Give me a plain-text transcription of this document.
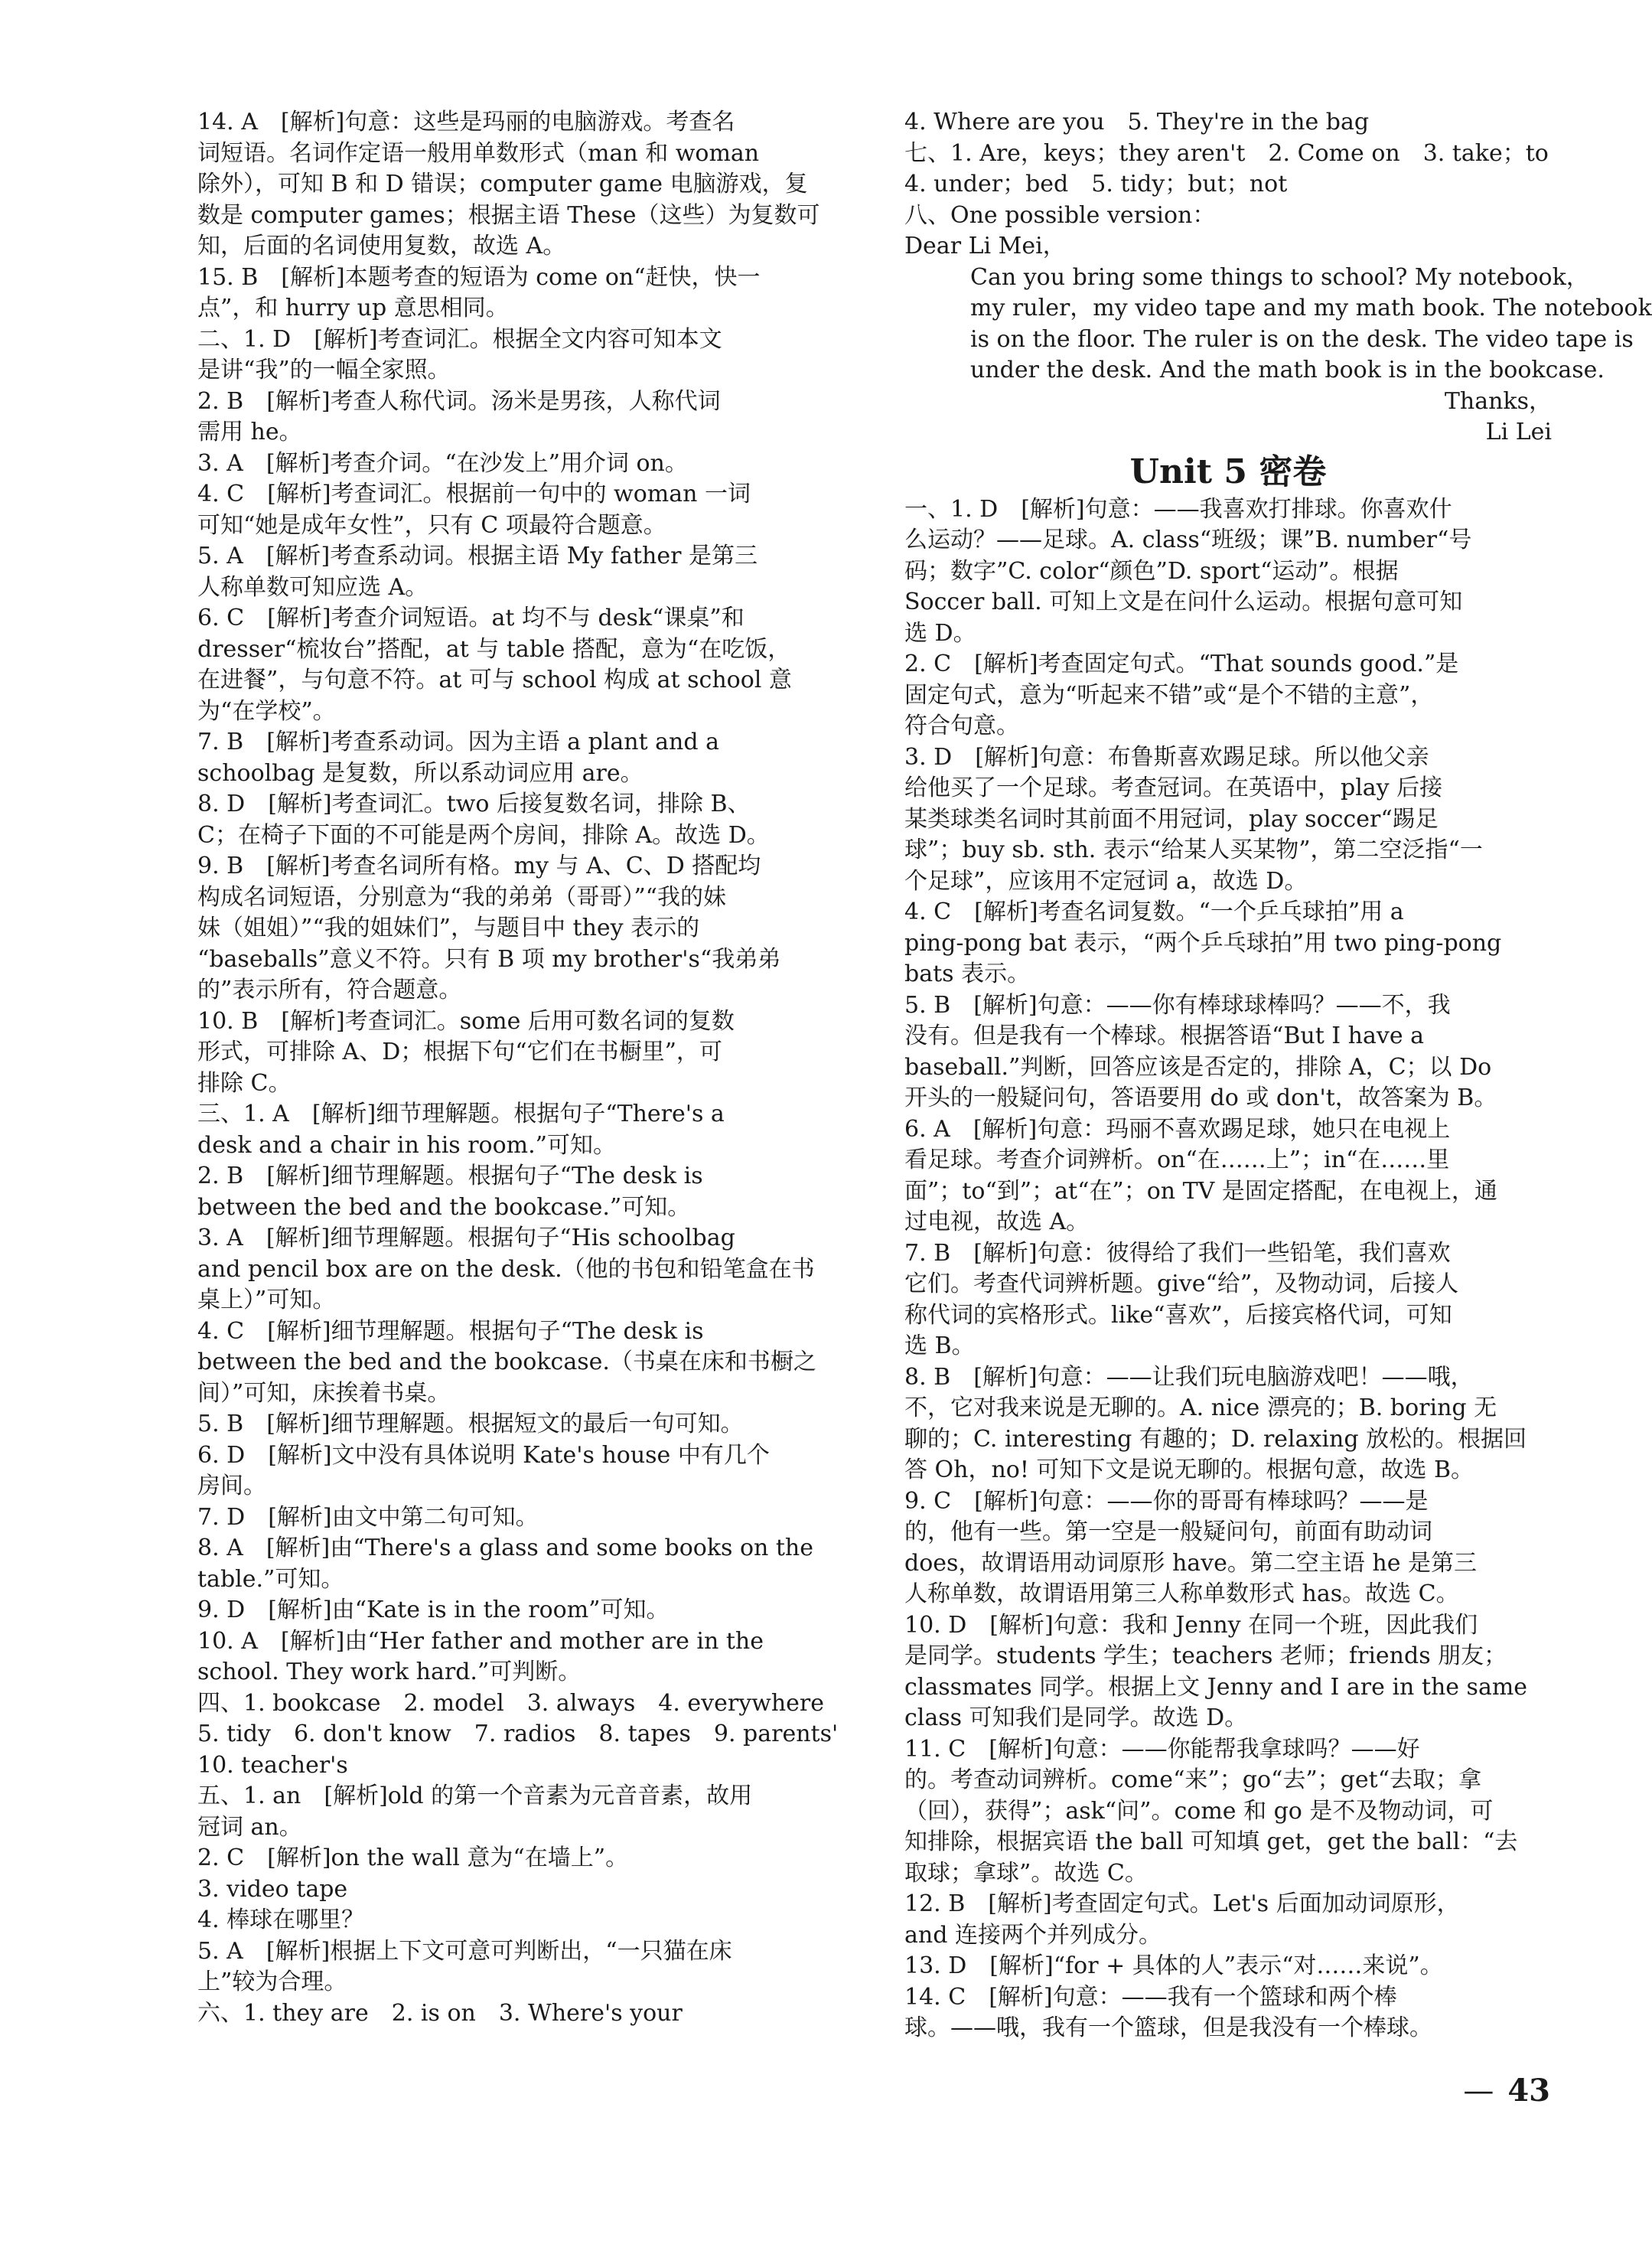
14. A　[解析]句意：这些是玛丽的电脑游戏。考查名
词短语。名词作定语一般用单数形式（man 和 woman
除外），可知 B 和 D 错误；computer game 电脑游戏，复
数是 computer games；根据主语 These（这些）为复数可
知，后面的名词使用复数，故选 A。
15. B　[解析]本题考查的短语为 come on“赶快，快一
点”，和 hurry up 意思相同。
二、1. D　[解析]考查词汇。根据全文内容可知本文
是讲“我”的一幅全家照。
2. B　[解析]考查人称代词。汤米是男孩，人称代词
需用 he。
3. A　[解析]考查介词。“在沙发上”用介词 on。
4. C　[解析]考查词汇。根据前一句中的 woman 一词
可知“她是成年女性”，只有 C 项最符合题意。
5. A　[解析]考查系动词。根据主语 My father 是第三
人称单数可知应选 A。
6. C　[解析]考查介词短语。at 均不与 desk“课桌”和
dresser“梳妆台”搭配，at 与 table 搭配，意为“在吃饭，
在进餐”，与句意不符。at 可与 school 构成 at school 意
为“在学校”。
7. B　[解析]考查系动词。因为主语 a plant and a
schoolbag 是复数，所以系动词应用 are。
8. D　[解析]考查词汇。two 后接复数名词，排除 B、
C；在椅子下面的不可能是两个房间，排除 A。故选 D。
9. B　[解析]考查名词所有格。my 与 A、C、D 搭配均
构成名词短语，分别意为“我的弟弟（哥哥）”“我的妹
妹（姐姐）”“我的姐妹们”，与题目中 they 表示的
“baseballs”意义不符。只有 B 项 my brother's“我弟弟
的”表示所有，符合题意。
10. B　[解析]考查词汇。some 后用可数名词的复数
形式，可排除 A、D；根据下句“它们在书橱里”，可
排除 C。
三、1. A　[解析]细节理解题。根据句子“There's a
desk and a chair in his room.”可知。
2. B　[解析]细节理解题。根据句子“The desk is
between the bed and the bookcase.”可知。
3. A　[解析]细节理解题。根据句子“His schoolbag
and pencil box are on the desk.（他的书包和铅笔盒在书
桌上）”可知。
4. C　[解析]细节理解题。根据句子“The desk is
between the bed and the bookcase.（书桌在床和书橱之
间）”可知，床挨着书桌。
5. B　[解析]细节理解题。根据短文的最后一句可知。
6. D　[解析]文中没有具体说明 Kate's house 中有几个
房间。
7. D　[解析]由文中第二句可知。
8. A　[解析]由“There's a glass and some books on the
table.”可知。
9. D　[解析]由“Kate is in the room”可知。
10. A　[解析]由“Her father and mother are in the
school. They work hard.”可判断。
四、1. bookcase　2. model　3. always　4. everywhere
5. tidy　6. don't know　7. radios　8. tapes　9. parents'
10. teacher's
五、1. an　[解析]old 的第一个音素为元音音素，故用
冠词 an。
2. C　[解析]on the wall 意为“在墙上”。
3. video tape
4. 棒球在哪里？
5. A　[解析]根据上下文可意可判断出，“一只猫在床
上”较为合理。
六、1. they are　2. is on　3. Where's your
4. Where are you　5. They're in the bag
七、1. Are，keys；they aren't　2. Come on　3. take；to
4. under；bed　5. tidy；but；not
八、One possible version：
Dear Li Mei，
Can you bring some things to school? My notebook，
my ruler，my video tape and my math book. The notebook
is on the floor. The ruler is on the desk. The video tape is
under the desk. And the math book is in the bookcase.
Thanks，
Li Lei
Unit 5 密卷
一、1. D　[解析]句意：——我喜欢打排球。你喜欢什
么运动？——足球。A. class“班级；课”B. number“号
码；数字”C. color“颜色”D. sport“运动”。根据
Soccer ball. 可知上文是在问什么运动。根据句意可知
选 D。
2. C　[解析]考查固定句式。“That sounds good.”是
固定句式，意为“听起来不错”或“是个不错的主意”，
符合句意。
3. D　[解析]句意：布鲁斯喜欢踢足球。所以他父亲
给他买了一个足球。考查冠词。在英语中，play 后接
某类球类名词时其前面不用冠词，play soccer“踢足
球”；buy sb. sth. 表示“给某人买某物”，第二空泛指“一
个足球”，应该用不定冠词 a，故选 D。
4. C　[解析]考查名词复数。“一个乒乓球拍”用 a
ping-pong bat 表示，“两个乒乓球拍”用 two ping-pong
bats 表示。
5. B　[解析]句意：——你有棒球球棒吗？——不，我
没有。但是我有一个棒球。根据答语“But I have a
baseball.”判断，回答应该是否定的，排除 A，C；以 Do
开头的一般疑问句，答语要用 do 或 don't，故答案为 B。
6. A　[解析]句意：玛丽不喜欢踢足球，她只在电视上
看足球。考查介词辨析。on“在……上”；in“在……里
面”；to“到”；at“在”；on TV 是固定搭配，在电视上，通
过电视，故选 A。
7. B　[解析]句意：彼得给了我们一些铅笔，我们喜欢
它们。考查代词辨析题。give“给”，及物动词，后接人
称代词的宾格形式。like“喜欢”，后接宾格代词，可知
选 B。
8. B　[解析]句意：——让我们玩电脑游戏吧！——哦，
不，它对我来说是无聊的。A. nice 漂亮的；B. boring 无
聊的；C. interesting 有趣的；D. relaxing 放松的。根据回
答 Oh，no! 可知下文是说无聊的。根据句意，故选 B。
9. C　[解析]句意：——你的哥哥有棒球吗？——是
的，他有一些。第一空是一般疑问句，前面有助动词
does，故谓语用动词原形 have。第二空主语 he 是第三
人称单数，故谓语用第三人称单数形式 has。故选 C。
10. D　[解析]句意：我和 Jenny 在同一个班，因此我们
是同学。students 学生；teachers 老师；friends 朋友；
classmates 同学。根据上文 Jenny and I are in the same
class 可知我们是同学。故选 D。
11. C　[解析]句意：——你能帮我拿球吗？——好
的。考查动词辨析。come“来”；go“去”；get“去取；拿
（回），获得”；ask“问”。come 和 go 是不及物动词，可
知排除，根据宾语 the ball 可知填 get，get the ball：“去
取球；拿球”。故选 C。
12. B　[解析]考查固定句式。Let's 后面加动词原形，
and 连接两个并列成分。
13. D　[解析]“for + 具体的人”表示“对……来说”。
14. C　[解析]句意：——我有一个篮球和两个棒
球。——哦，我有一个篮球，但是我没有一个棒球。
— 43
